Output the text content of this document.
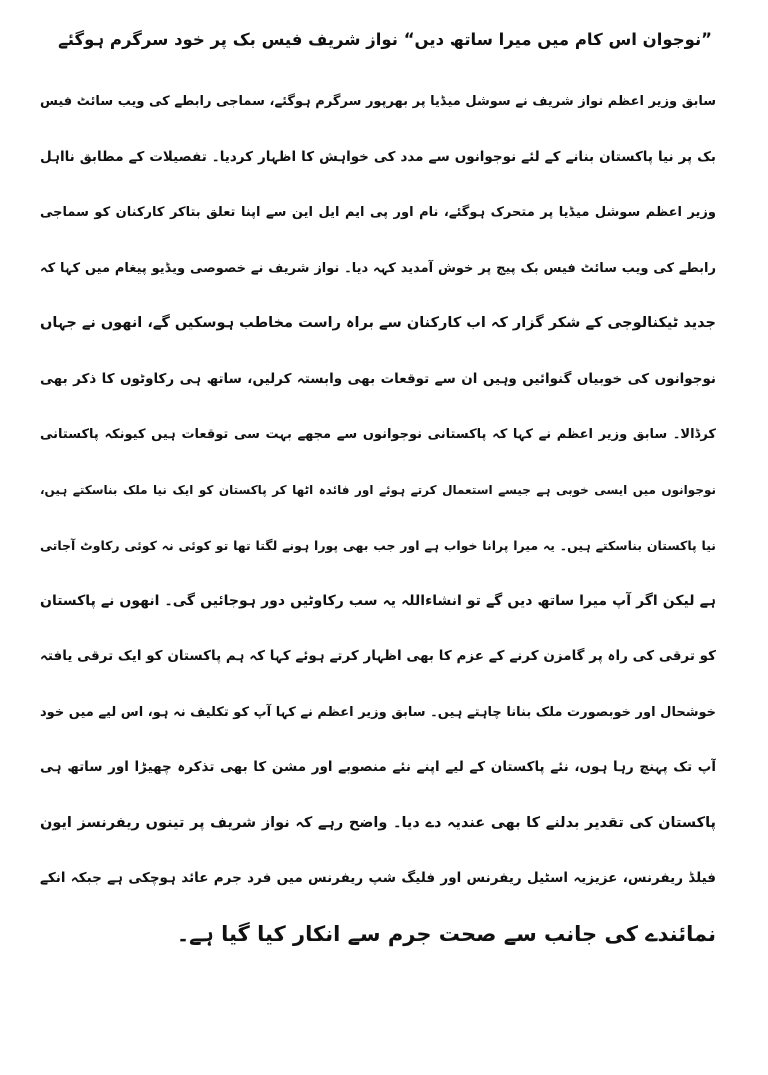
”نوجوان اس کام میں میرا ساتھ دیں“ نواز شریف فیس بک پر خود سرگرم ہوگئے
سابق وزیر اعظم نواز شریف نے سوشل میڈیا پر بھرپور سرگرم ہوگئے، سماجی رابطے کی ویب سائٹ فیس
بک پر نیا پاکستان بنانے کے لئے نوجوانوں سے مدد کی خواہش کا اظہار کردیا۔ تفصیلات کے مطابق نااہل
وزیر اعظم سوشل میڈیا پر متحرک ہوگئے، نام اور پی ایم ایل این سے اپنا تعلق بتاکر کارکنان کو سماجی
رابطے کی ویب سائٹ فیس بک پیج پر خوش آمدید کہہ دیا۔ نواز شریف نے خصوصی ویڈیو پیغام میں کہا کہ
جدید ٹیکنالوجی کے شکر گزار کہ اب کارکنان سے براہ راست مخاطب ہوسکیں گے، انھوں نے جہاں
نوجوانوں کی خوبیاں گنوائیں وہیں ان سے توقعات بھی وابستہ کرلیں، ساتھ ہی رکاوٹوں کا ذکر بھی
کرڈالا۔ سابق وزیر اعظم نے کہا کہ پاکستانی نوجوانوں سے مجھے بہت سی توقعات ہیں کیونکہ پاکستانی
نوجوانوں میں ایسی خوبی ہے جیسے استعمال کرتے ہوئے اور فائدہ اٹھا کر پاکستان کو ایک نیا ملک بناسکتے ہیں،
نیا پاکستان بناسکتے ہیں۔ یہ میرا پرانا خواب ہے اور جب بھی پورا ہونے لگتا تھا تو کوئی نہ کوئی رکاوٹ آجاتی
ہے لیکن اگر آپ میرا ساتھ دیں گے تو انشاءاللہ یہ سب رکاوٹیں دور ہوجائیں گی۔ انھوں نے پاکستان
کو ترقی کی راہ پر گامزن کرنے کے عزم کا بھی اظہار کرتے ہوئے کہا کہ ہم پاکستان کو ایک ترقی یافتہ
خوشحال اور خوبصورت ملک بنانا چاہتے ہیں۔ سابق وزیر اعظم نے کہا آپ کو تکلیف نہ ہو، اس لیے میں خود
آپ تک پہنچ رہا ہوں، نئے پاکستان کے لیے اپنے نئے منصوبے اور مشن کا بھی تذکرہ چھیڑا اور ساتھ ہی
پاکستان کی تقدیر بدلنے کا بھی عندیہ دے دیا۔ واضح رہے کہ نواز شریف پر تینوں ریفرنسز ایون
فیلڈ ریفرنس، عزیزیہ اسٹیل ریفرنس اور فلیگ شپ ریفرنس میں فرد جرم عائد ہوچکی ہے جبکہ انکے
نمائندے کی جانب سے صحت جرم سے انکار کیا گیا ہے۔
